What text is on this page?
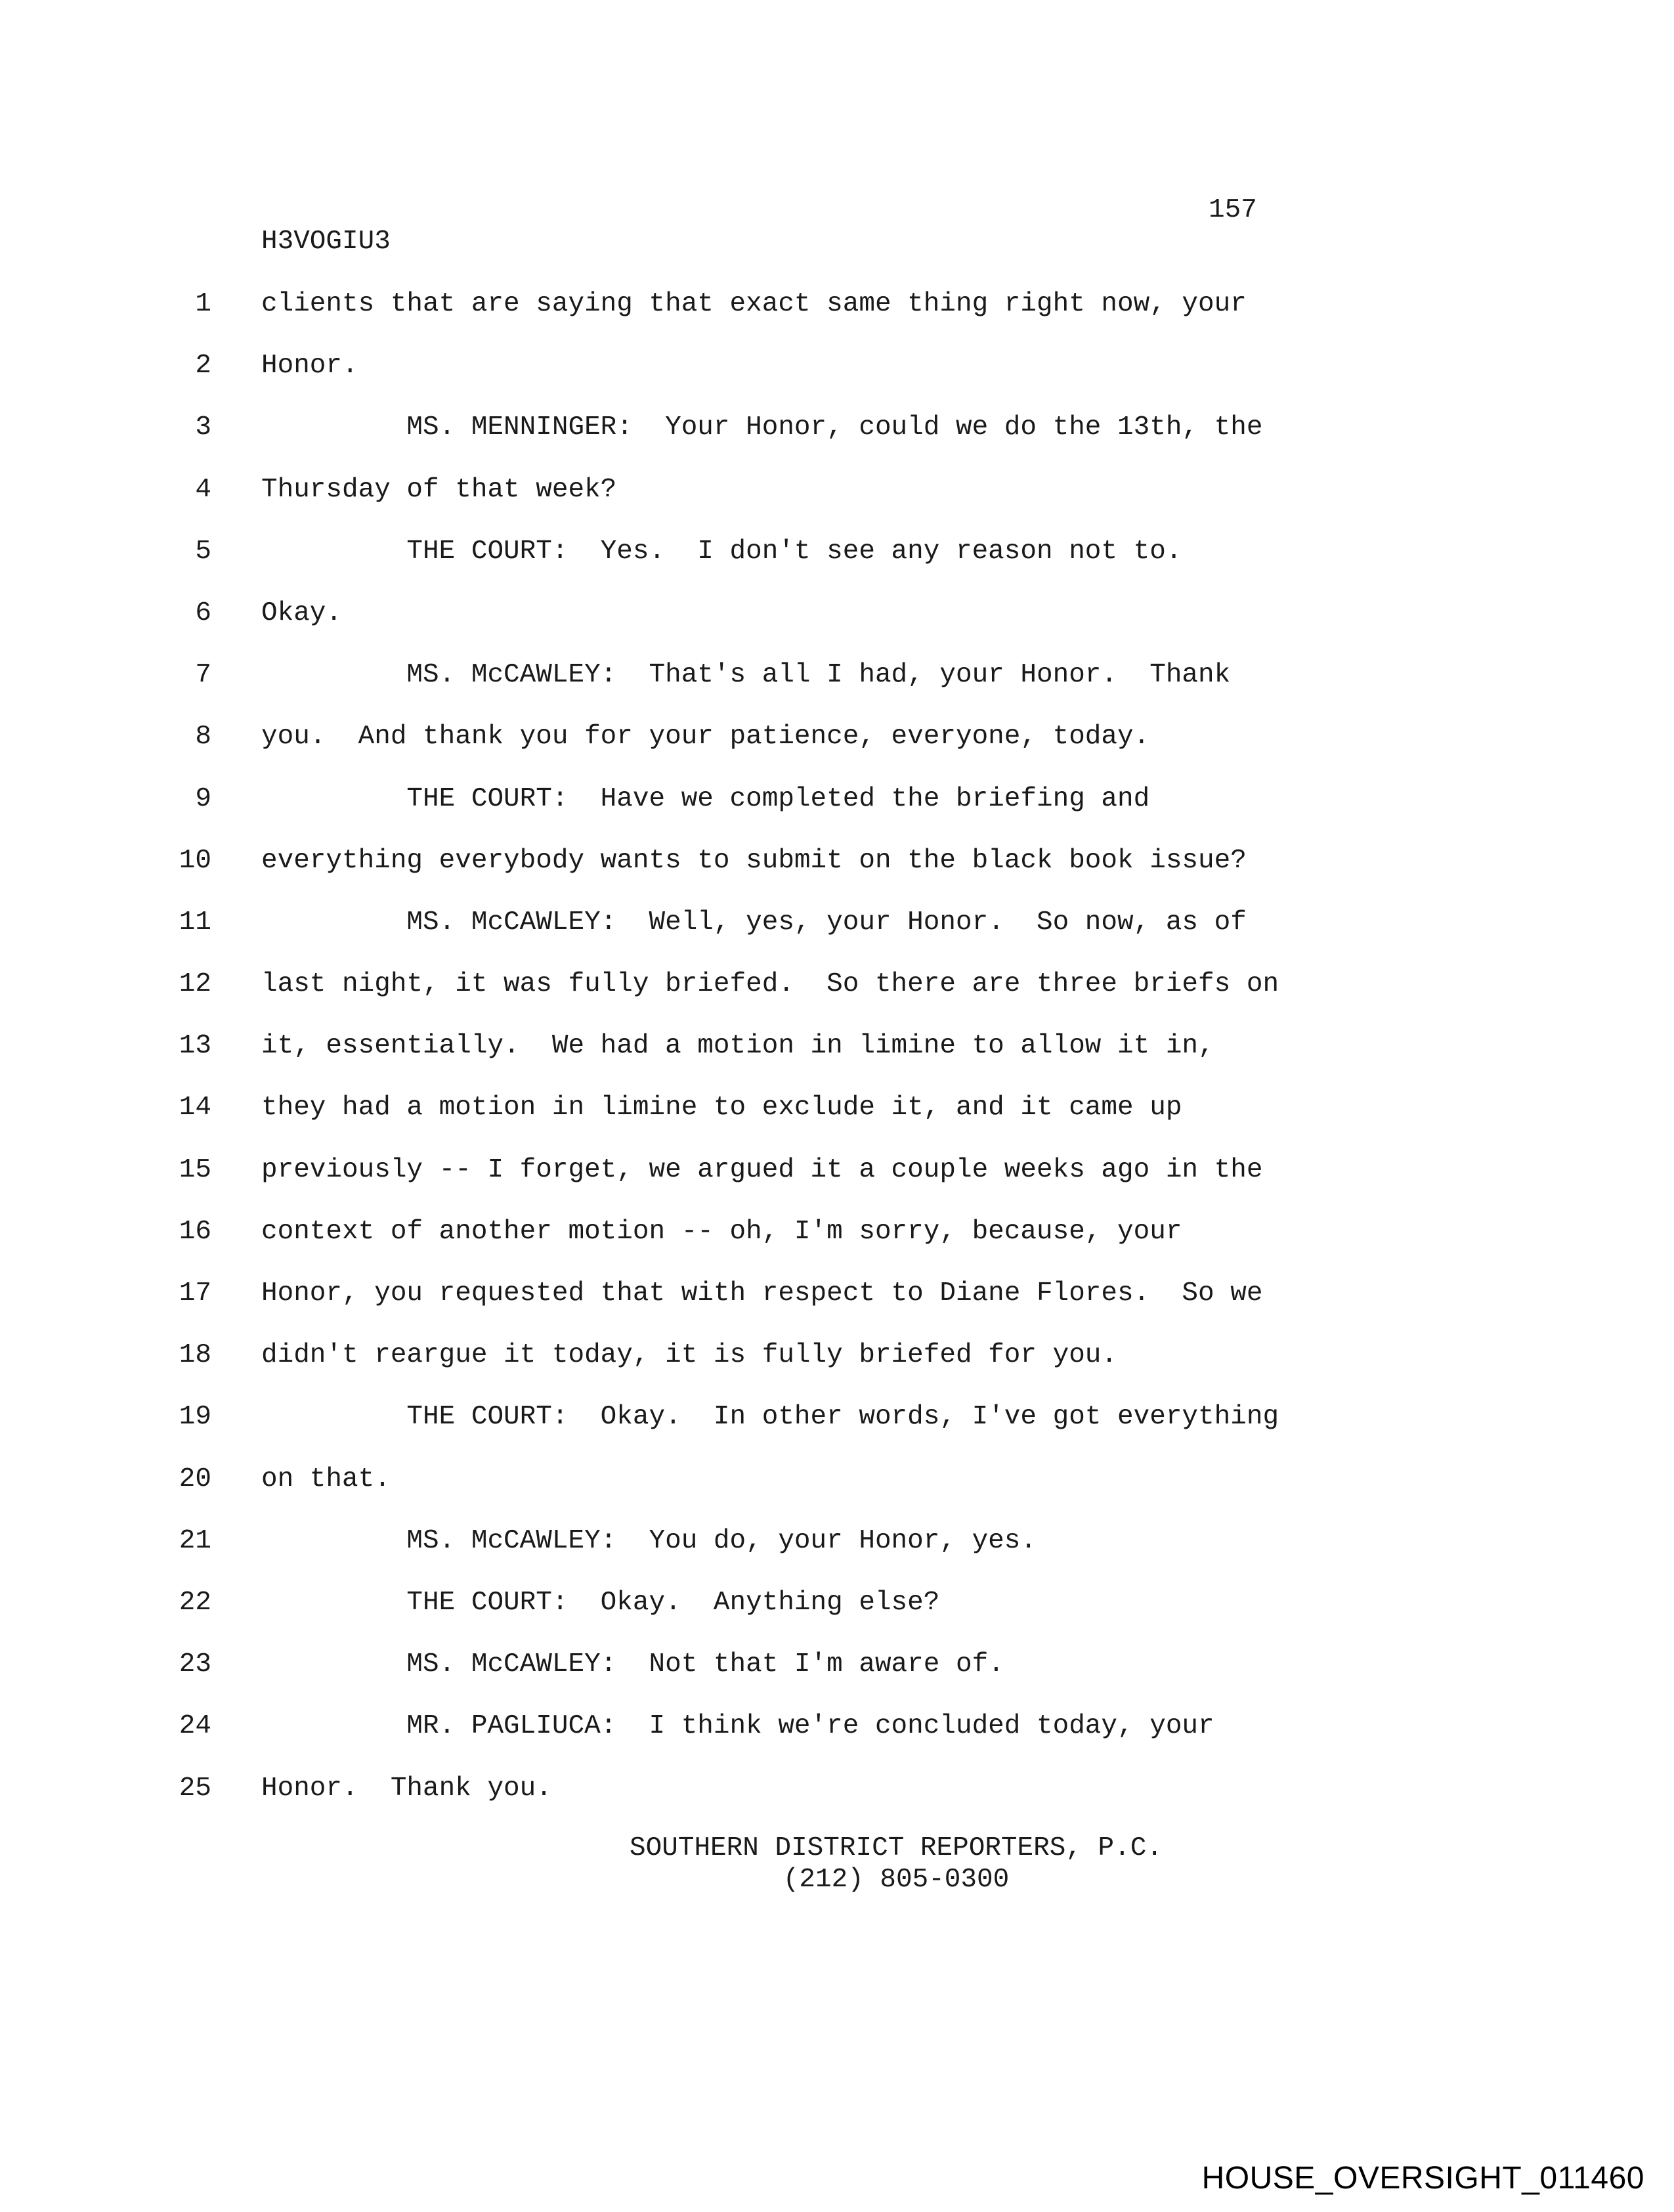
157
H3VOGIU3
1 clients that are saying that exact same thing right now, your
2 Honor.
3 MS. MENNINGER:  Your Honor, could we do the 13th, the
4 Thursday of that week?
5 THE COURT:  Yes.  I don't see any reason not to.
6 Okay.
7 MS. McCAWLEY:  That's all I had, your Honor.  Thank
8 you.  And thank you for your patience, everyone, today.
9 THE COURT:  Have we completed the briefing and
10 everything everybody wants to submit on the black book issue?
11 MS. McCAWLEY:  Well, yes, your Honor.  So now, as of
12 last night, it was fully briefed.  So there are three briefs on
13 it, essentially.  We had a motion in limine to allow it in,
14 they had a motion in limine to exclude it, and it came up
15 previously -- I forget, we argued it a couple weeks ago in the
16 context of another motion -- oh, I'm sorry, because, your
17 Honor, you requested that with respect to Diane Flores.  So we
18 didn't reargue it today, it is fully briefed for you.
19 THE COURT:  Okay.  In other words, I've got everything
20 on that.
21 MS. McCAWLEY:  You do, your Honor, yes.
22 THE COURT:  Okay.  Anything else?
23 MS. McCAWLEY:  Not that I'm aware of.
24 MR. PAGLIUCA:  I think we're concluded today, your
25 Honor.  Thank you.
SOUTHERN DISTRICT REPORTERS, P.C.
(212) 805-0300
HOUSE_OVERSIGHT_011460
